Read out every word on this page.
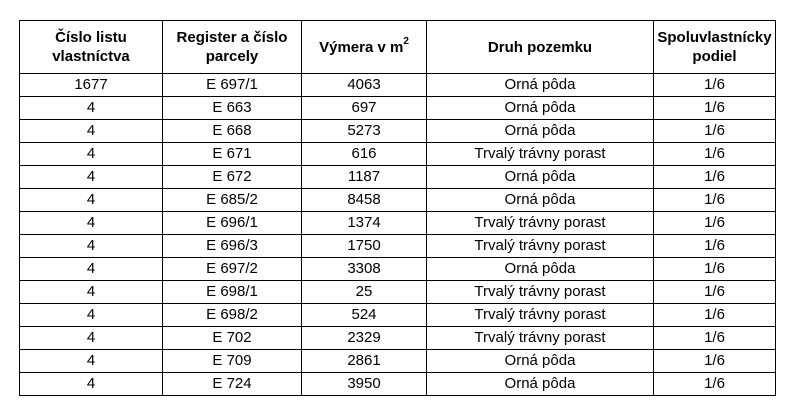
Číslo listu vlastníctva	Register a číslo parcely	Výmera v $m^2$	Druh pozemku	Spoluvlastnícky podiel
1677	E 697/1	4063	Orná pôda	1/6
4	E 663	697	Orná pôda	1/6
4	E 668	5273	Orná pôda	1/6
4	E 671	616	Trvalý trávny porast	1/6
4	E 672	1187	Orná pôda	1/6
4	E 685/2	8458	Orná pôda	1/6
4	E 696/1	1374	Trvalý trávny porast	1/6
4	E 696/3	1750	Trvalý trávny porast	1/6
4	E 697/2	3308	Orná pôda	1/6
4	E 698/1	25	Trvalý trávny porast	1/6
4	E 698/2	524	Trvalý trávny porast	1/6
4	E 702	2329	Trvalý trávny porast	1/6
4	E 709	2861	Orná pôda	1/6
4	E 724	3950	Orná pôda	1/6
